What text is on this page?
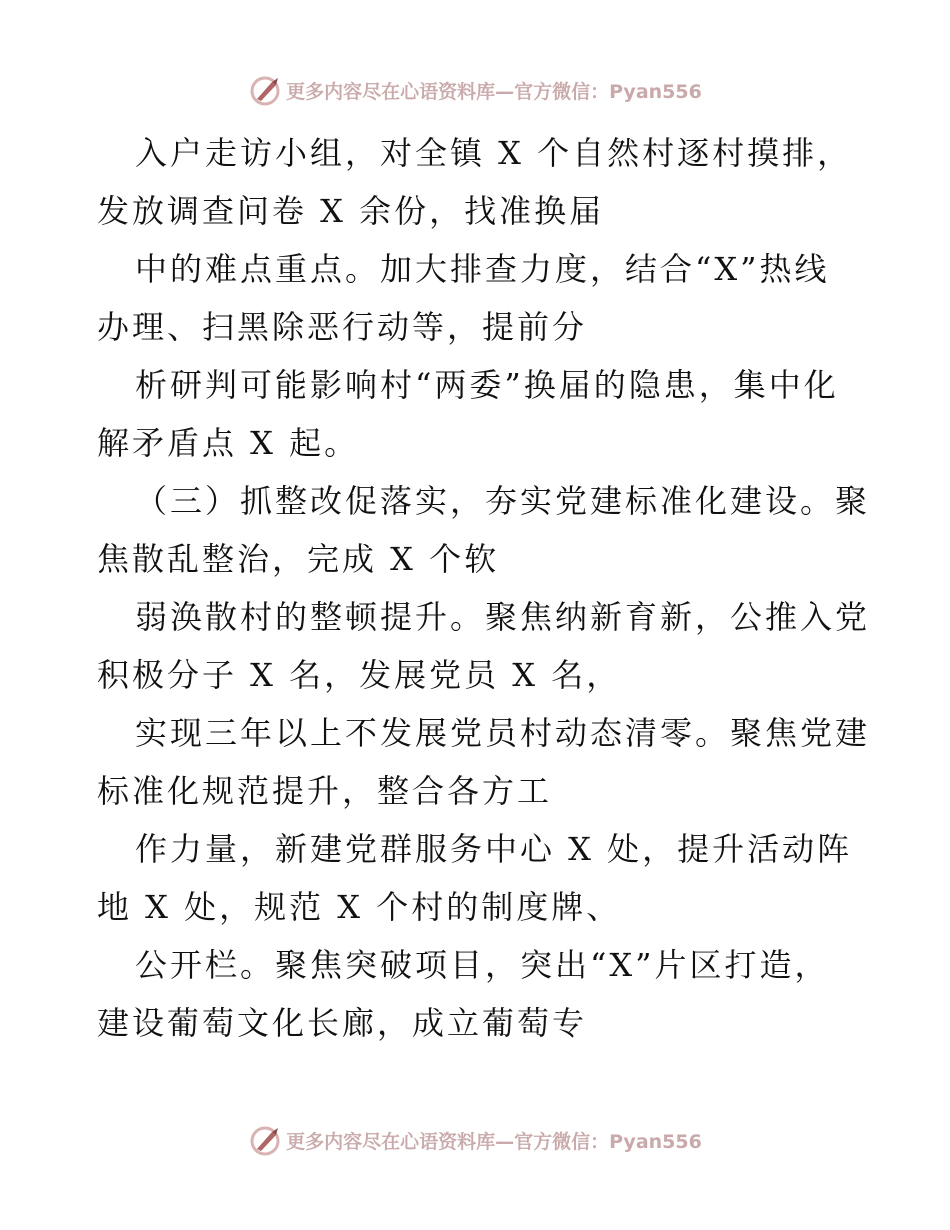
更多内容尽在心语资料库—官方微信：Pyan556
入户走访小组，对全镇 X 个自然村逐村摸排，
发放调查问卷 X 余份，找准换届
中的难点重点。加大排查力度，结合“X”热线
办理、扫黑除恶行动等，提前分
析研判可能影响村“两委”换届的隐患，集中化
解矛盾点 X 起。
（三）抓整改促落实，夯实党建标准化建设。聚
焦散乱整治，完成 X 个软
弱涣散村的整顿提升。聚焦纳新育新，公推入党
积极分子 X 名，发展党员 X 名，
实现三年以上不发展党员村动态清零。聚焦党建
标准化规范提升，整合各方工
作力量，新建党群服务中心 X 处，提升活动阵
地 X 处，规范 X 个村的制度牌、
公开栏。聚焦突破项目，突出“X”片区打造，
建设葡萄文化长廊，成立葡萄专
更多内容尽在心语资料库—官方微信：Pyan556
